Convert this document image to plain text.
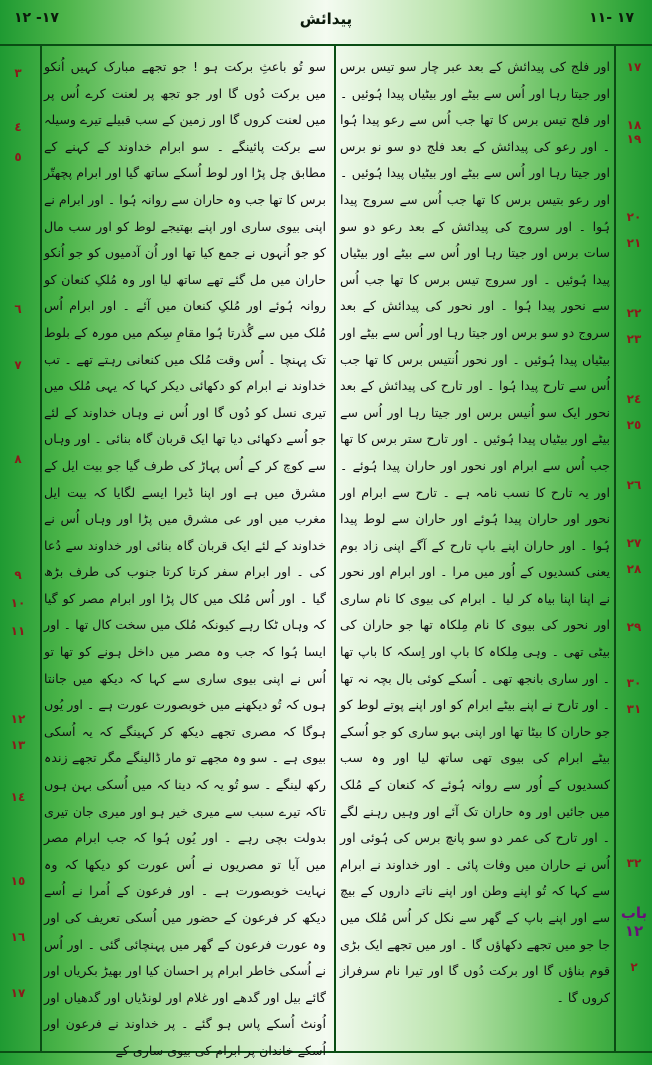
١٧- ١٢	پیدائش	١٧ -١١

اور فلج کی پیدائش کے بعد عبر چار سو تیس برس اور جیتا رہا اور اُس سے بیٹے اور بیٹیاں پیدا ہُوئیں ۔ اور فلج تیس برس کا تھا جب اُس سے رعو پیدا ہُوا ۔ اور رعو کی پیدائش کے بعد فلج دو سو نو برس اور جیتا رہا اور اُس سے بیٹے اور بیٹیاں پیدا ہُوئیں ۔ اور رعو بتیس برس کا تھا جب اُس سے سروج پیدا ہُوا ۔ اور سروج کی پیدائش کے بعد رعو دو سو سات برس اور جیتا رہا اور اُس سے بیٹے اور بیٹیاں پیدا ہُوئیں ۔ اور سروج تیس برس کا تھا جب اُس سے نحور پیدا ہُوا ۔ اور نحور کی پیدائش کے بعد سروج دو سو برس اور جیتا رہا اور اُس سے بیٹے اور بیٹیاں پیدا ہُوئیں ۔ اور نحور اُنتیس برس کا تھا جب اُس سے تارح پیدا ہُوا ۔ اور تارح کی پیدائش کے بعد نحور ایک سو اُنیس برس اور جیتا رہا اور اُس سے بیٹے اور بیٹیاں پیدا ہُوئیں ۔ اور تارح ستر برس کا تھا جب اُس سے ابرام اور نحور اور حاران پیدا ہُوئے ۔ اور یہ تارح کا نسب نامہ ہے ۔ تارح سے ابرام اور نحور اور حاران پیدا ہُوئے اور حاران سے لوط پیدا ہُوا ۔ اور حاران اپنے باپ تارح کے آگے اپنی زاد بوم یعنی کسدیوں کے اُور میں مرا ۔ اور ابرام اور نحور نے اپنا اپنا بیاہ کر لیا ۔ ابرام کی بیوی کا نام ساری اور نحور کی بیوی کا نام مِلکاہ تھا جو حاران کی بیٹی تھی ۔ وہی مِلکاہ کا باپ اور اِسکہ کا باپ تھا ۔ اور ساری بانجھ تھی ۔ اُسکے کوئی بال بچہ نہ تھا ۔ اور تارح نے اپنے بیٹے ابرام کو اور اپنے پوتے لوط کو جو حاران کا بیٹا تھا اور اپنی بہو ساری کو جو اُسکے بیٹے ابرام کی بیوی تھی ساتھ لیا اور وہ سب کسدیوں کے اُور سے روانہ ہُوئے کہ کنعان کے مُلک میں جائیں اور وہ حاران تک آئے اور وہیں رہنے لگے ۔ اور تارح کی عمر دو سو پانچ برس کی ہُوئی اور اُس نے حاران میں وفات پائی ۔ اور خداوند نے ابرام سے کہا کہ تُو اپنے وطن اور اپنے ناتے داروں کے بیچ سے اور اپنے باپ کے گھر سے نکل کر اُس مُلک میں جا جو میں تجھے دکھاؤں گا ۔ اور میں تجھے ایک بڑی قوم بناؤں گا اور برکت دُوں گا اور تیرا نام سرفراز کروں گا ۔

سو تُو باعثِ برکت ہو ! جو تجھے مبارک کہیں اُنکو میں برکت دُوں گا اور جو تجھ پر لعنت کرے اُس پر میں لعنت کروں گا اور زمین کے سب قبیلے تیرے وسیلہ سے برکت پائینگے ۔ سو ابرام خداوند کے کہنے کے مطابق چل پڑا اور لوط اُسکے ساتھ گیا اور ابرام پچھتّر برس کا تھا جب وہ حاران سے روانہ ہُوا ۔ اور ابرام نے اپنی بیوی ساری اور اپنے بھتیجے لوط کو اور سب مال کو جو اُنہوں نے جمع کیا تھا اور اُن آدمیوں کو جو اُنکو حاران میں مل گئے تھے ساتھ لیا اور وہ مُلکِ کنعان کو روانہ ہُوئے اور مُلکِ کنعان میں آئے ۔ اور ابرام اُس مُلک میں سے گُذرتا ہُوا مقامِ سِکم میں مورہ کے بلوط تک پہنچا ۔ اُس وقت مُلک میں کنعانی رہتے تھے ۔ تب خداوند نے ابرام کو دکھائی دیکر کہا کہ یہی مُلک میں تیری نسل کو دُوں گا اور اُس نے وہاں خداوند کے لئے جو اُسے دکھائی دیا تھا ایک قربان گاہ بنائی ۔ اور وہاں سے کوچ کر کے اُس پہاڑ کی طرف گیا جو بیت ایل کے مشرق میں ہے اور اپنا ڈیرا ایسے لگایا کہ بیت ایل مغرب میں اور عی مشرق میں پڑا اور وہاں اُس نے خداوند کے لئے ایک قربان گاہ بنائی اور خداوند سے دُعا کی ۔ اور ابرام سفر کرتا کرتا جنوب کی طرف بڑھ گیا ۔ اور اُس مُلک میں کال پڑا اور ابرام مصر کو گیا کہ وہاں ٹکا رہے کیونکہ مُلک میں سخت کال تھا ۔ اور ایسا ہُوا کہ جب وہ مصر میں داخل ہونے کو تھا تو اُس نے اپنی بیوی ساری سے کہا کہ دیکھ میں جانتا ہوں کہ تُو دیکھنے میں خوبصورت عورت ہے ۔ اور یُوں ہوگا کہ مصری تجھے دیکھ کر کہینگے کہ یہ اُسکی بیوی ہے ۔ سو وہ مجھے تو مار ڈالینگے مگر تجھے زندہ رکھ لینگے ۔ سو تُو یہ کہ دینا کہ میں اُسکی بہن ہوں تاکہ تیرے سبب سے میری خیر ہو اور میری جان تیری بدولت بچی رہے ۔ اور یُوں ہُوا کہ جب ابرام مصر میں آیا تو مصریوں نے اُس عورت کو دیکھا کہ وہ نہایت خوبصورت ہے ۔ اور فرعون کے اُمرا نے اُسے دیکھ کر فرعون کے حضور میں اُسکی تعریف کی اور وہ عورت فرعون کے گھر میں پہنچائی گئی ۔ اور اُس نے اُسکی خاطر ابرام پر احسان کیا اور بھیڑ بکریاں اور گائے بیل اور گدھے اور غلام اور لونڈیاں اور گدھیاں اور اُونٹ اُسکے پاس ہو گئے ۔ پر خداوند نے فرعون اور اُسکے خاندان پر ابرام کی بیوی ساری کے

١٧
١٨
١٩
٢٠
٢١
٢٢
٢٣
٢٤
٢٥
٢٦
٢٧
٢٨
٢٩
٣٠
٣١
٣٢
باب ١٢
٢
٣
٤
٥
٦
٧
٨
٩
١٠
١١
١٢
١٣
١٤
١٥
١٦
١٧
